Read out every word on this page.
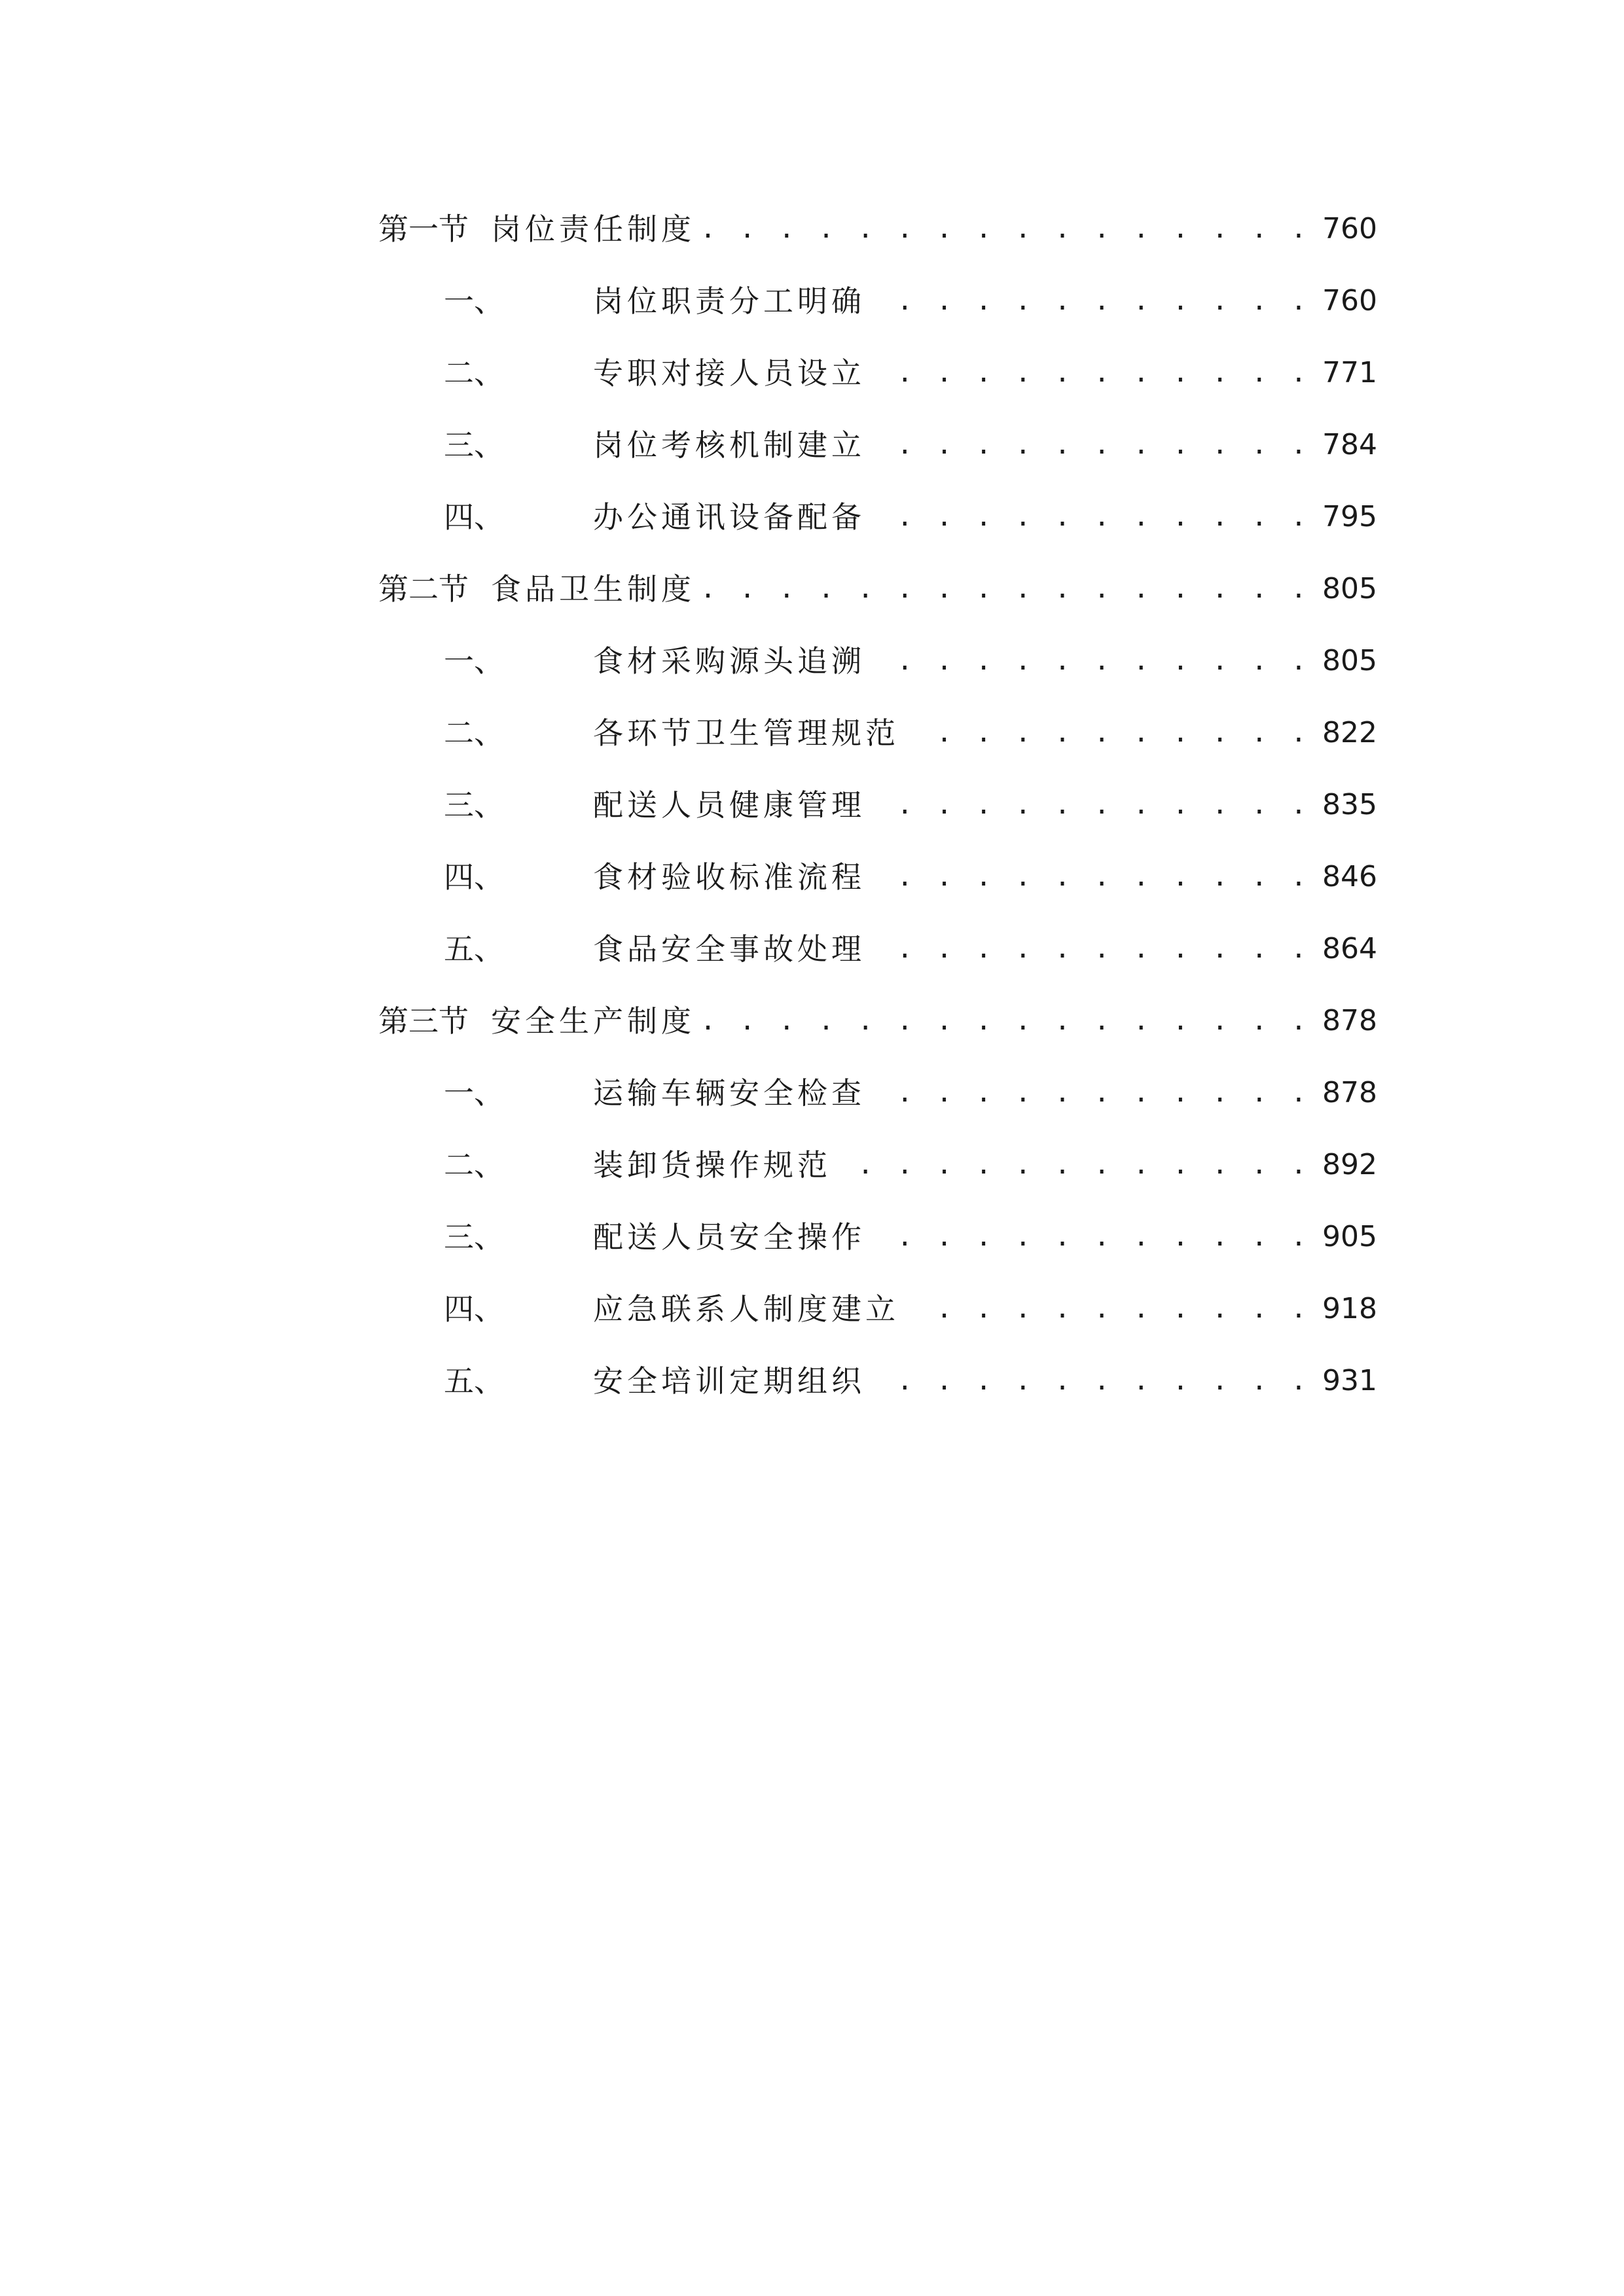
第一节 岗位责任制度 . . .	760
一、	岗位职责分工明确 . . .	760
二、	专职对接人员设立 . . .	771
三、	岗位考核机制建立 . . .	784
四、	办公通讯设备配备 . . .	795
第二节 食品卫生制度 . . .	805
一、	食材采购源头追溯 . . .	805
二、	各环节卫生管理规范 . . .	822
三、	配送人员健康管理 . . .	835
四、	食材验收标准流程 . . .	846
五、	食品安全事故处理 . . .	864
第三节 安全生产制度 . . .	878
一、	运输车辆安全检查 . . .	878
二、	装卸货操作规范 . . .	892
三、	配送人员安全操作 . . .	905
四、	应急联系人制度建立 . . .	918
五、	安全培训定期组织 . . .	931
